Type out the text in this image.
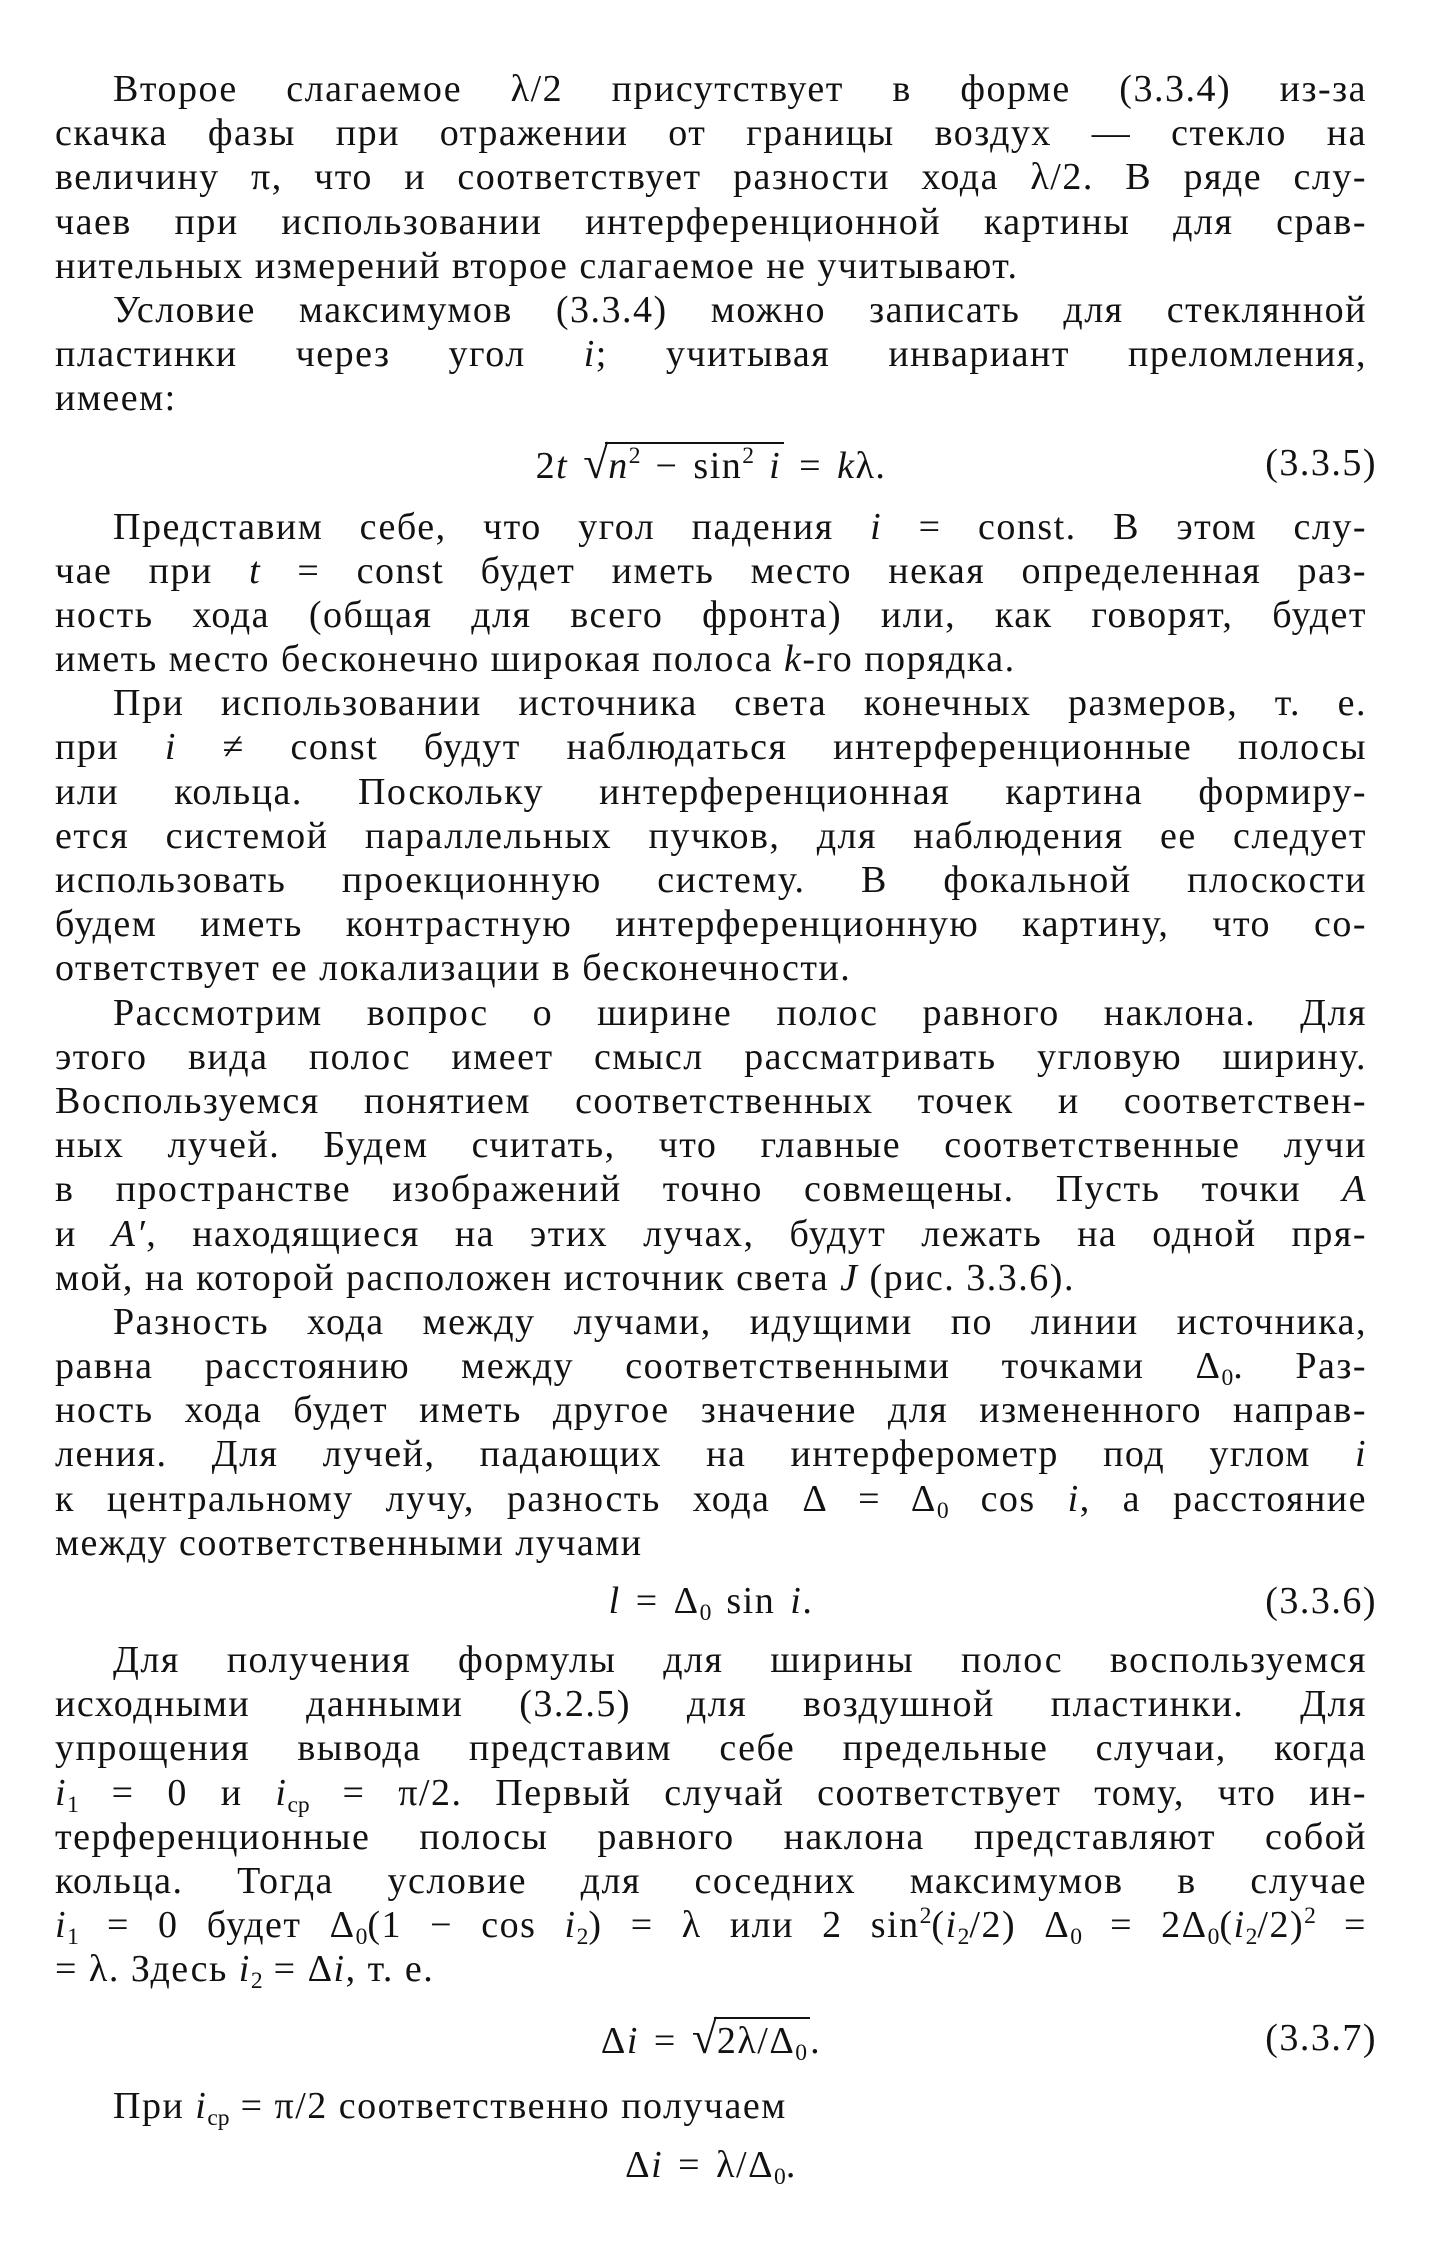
Второе слагаемое λ/2 присутствует в форме (3.3.4) из-за
скачка фазы при отражении от границы воздух — стекло на
величину π, что и соответствует разности хода λ/2. В ряде слу-
чаев при использовании интерференционной картины для срав-
нительных измерений второе слагаемое не учитывают.
Условие максимумов (3.3.4) можно записать для стеклянной
пластинки через угол i; учитывая инвариант преломления,
имеем:
2t $√n^2 - \sin^2 i = k\lambda$.	(3.3.5)
Представим себе, что угол падения i = const. В этом слу-
чае при t = const будет иметь место некая определенная раз-
ность хода (общая для всего фронта) или, как говорят, будет
иметь место бесконечно широкая полоса k-го порядка.
При использовании источника света конечных размеров, т. е.
при i ≠ const будут наблюдаться интерференционные полосы
или кольца. Поскольку интерференционная картина формиру-
ется системой параллельных пучков, для наблюдения ее следует
использовать проекционную систему. В фокальной плоскости
будем иметь контрастную интерференционную картину, что со-
ответствует ее локализации в бесконечности.
Рассмотрим вопрос о ширине полос равного наклона. Для
этого вида полос имеет смысл рассматривать угловую ширину.
Воспользуемся понятием соответственных точек и соответствен-
ных лучей. Будем считать, что главные соответственные лучи
в пространстве изображений точно совмещены. Пусть точки A
и A′, находящиеся на этих лучах, будут лежать на одной пря-
мой, на которой расположен источник света J (рис. 3.3.6).
Разность хода между лучами, идущими по линии источника,
равна расстоянию между соответственными точками Δ0. Раз-
ность хода будет иметь другое значение для измененного направ-
ления. Для лучей, падающих на интерферометр под углом i
к центральному лучу, разность хода Δ = Δ0 cos i, а расстояние
между соответственными лучами
l = Δ0 sin i.	(3.3.6)
Для получения формулы для ширины полос воспользуемся
исходными данными (3.2.5) для воздушной пластинки. Для
упрощения вывода представим себе предельные случаи, когда
i1 = 0 и iср = π/2. Первый случай соответствует тому, что ин-
терференционные полосы равного наклона представляют собой
кольца. Тогда условие для соседних максимумов в случае
i1 = 0 будет Δ0(1 − cos i2) = λ или 2 $\sin^2(i2/2) \Delta 0 = 2\Delta 0(i2/2)^2$ =
= λ. Здесь i2 = Δi, т. е.
Δi = √2λ/Δ0.	(3.3.7)
При iср = π/2 соответственно получаем
Δi = λ/Δ0.
